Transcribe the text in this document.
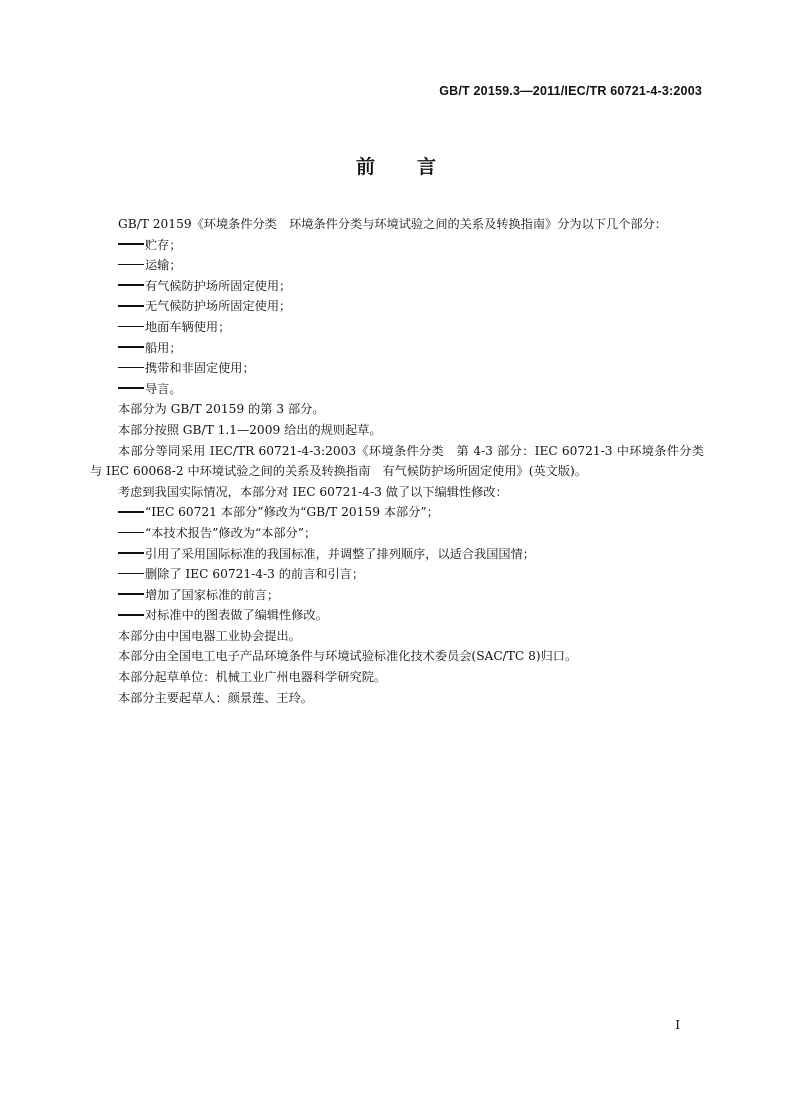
GB/T 20159.3—2011/IEC/TR 60721-4-3:2003
前言

GB/T 20159《环境条件分类　环境条件分类与环境试验之间的关系及转换指南》分为以下几个部分：

贮存；

运输；

有气候防护场所固定使用；

无气候防护场所固定使用；

地面车辆使用；

船用；

携带和非固定使用；

导言。

本部分为 GB/T 20159 的第 3 部分。

本部分按照 GB/T 1.1—2009 给出的规则起草。

本部分等同采用 IEC/TR 60721-4-3:2003《环境条件分类　第 4-3 部分：IEC 60721-3 中环境条件分类与 IEC 60068-2 中环境试验之间的关系及转换指南　有气候防护场所固定使用》(英文版)。

考虑到我国实际情况，本部分对 IEC 60721-4-3 做了以下编辑性修改：

“IEC 60721 本部分”修改为“GB/T 20159 本部分”；

“本技术报告”修改为“本部分”；

引用了采用国际标准的我国标准，并调整了排列顺序，以适合我国国情；

删除了 IEC 60721-4-3 的前言和引言；

增加了国家标准的前言；

对标准中的图表做了编辑性修改。

本部分由中国电器工业协会提出。

本部分由全国电工电子产品环境条件与环境试验标准化技术委员会(SAC/TC 8)归口。

本部分起草单位：机械工业广州电器科学研究院。

本部分主要起草人：颜景莲、王玲。

I
